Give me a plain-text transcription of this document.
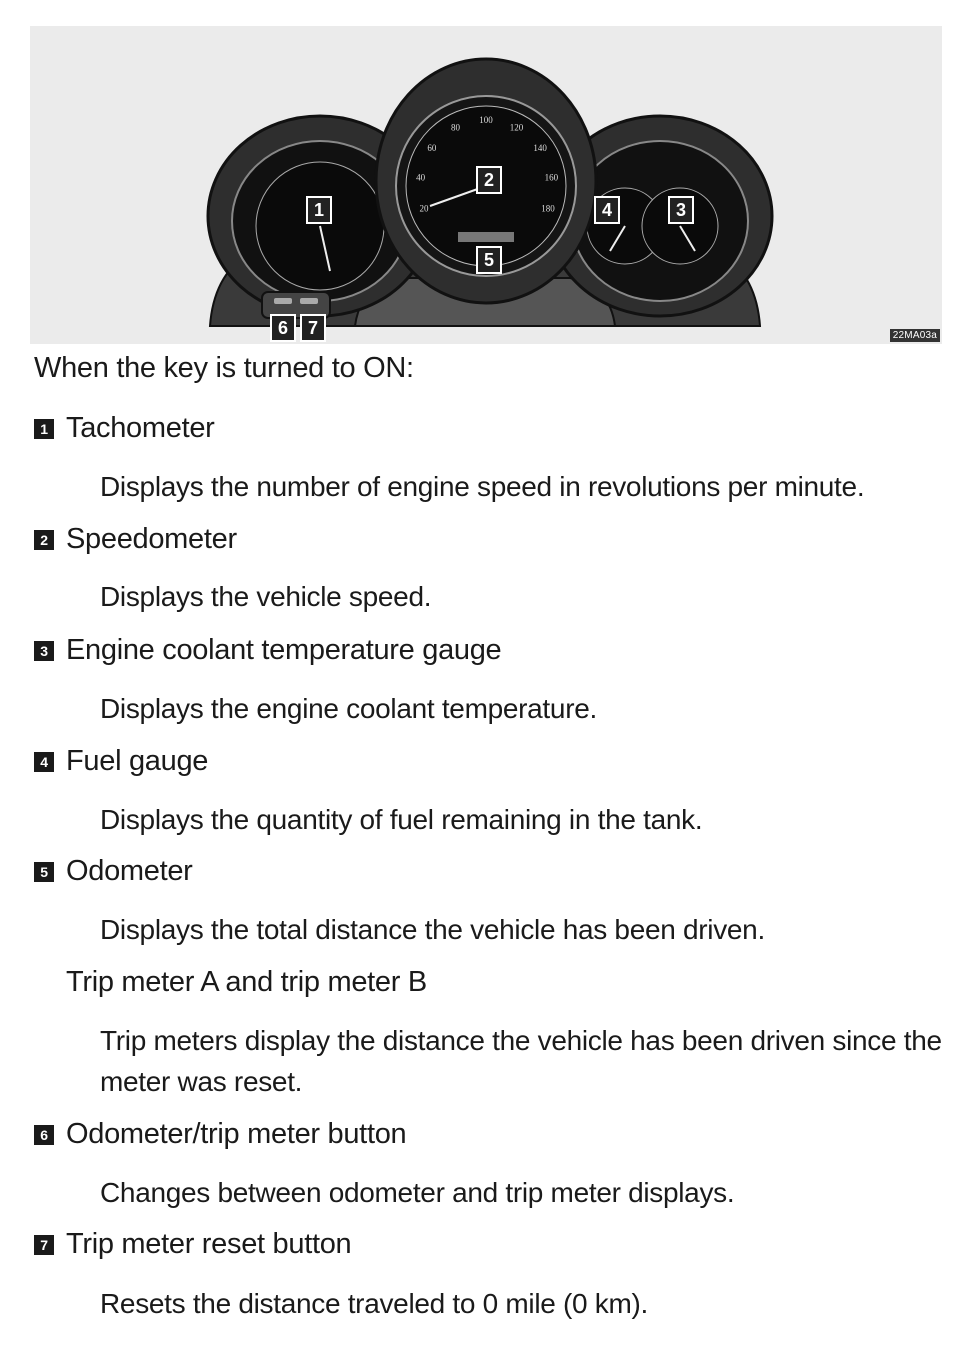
20
40
60
80
100
120
140
160
180
1
2
3
4
5
6	7	22MA03a
When the key is turned to ON:
1 Tachometer
Displays the number of engine speed in revolutions per minute.
2 Speedometer
Displays the vehicle speed.
3 Engine coolant temperature gauge
Displays the engine coolant temperature.
4 Fuel gauge
Displays the quantity of fuel remaining in the tank.
5 Odometer
Displays the total distance the vehicle has been driven.
Trip meter A and trip meter B
Trip meters display the distance the vehicle has been driven since the meter was reset.
6 Odometer/trip meter button
Changes between odometer and trip meter displays.
7 Trip meter reset button
Resets the distance traveled to 0 mile (0 km).
